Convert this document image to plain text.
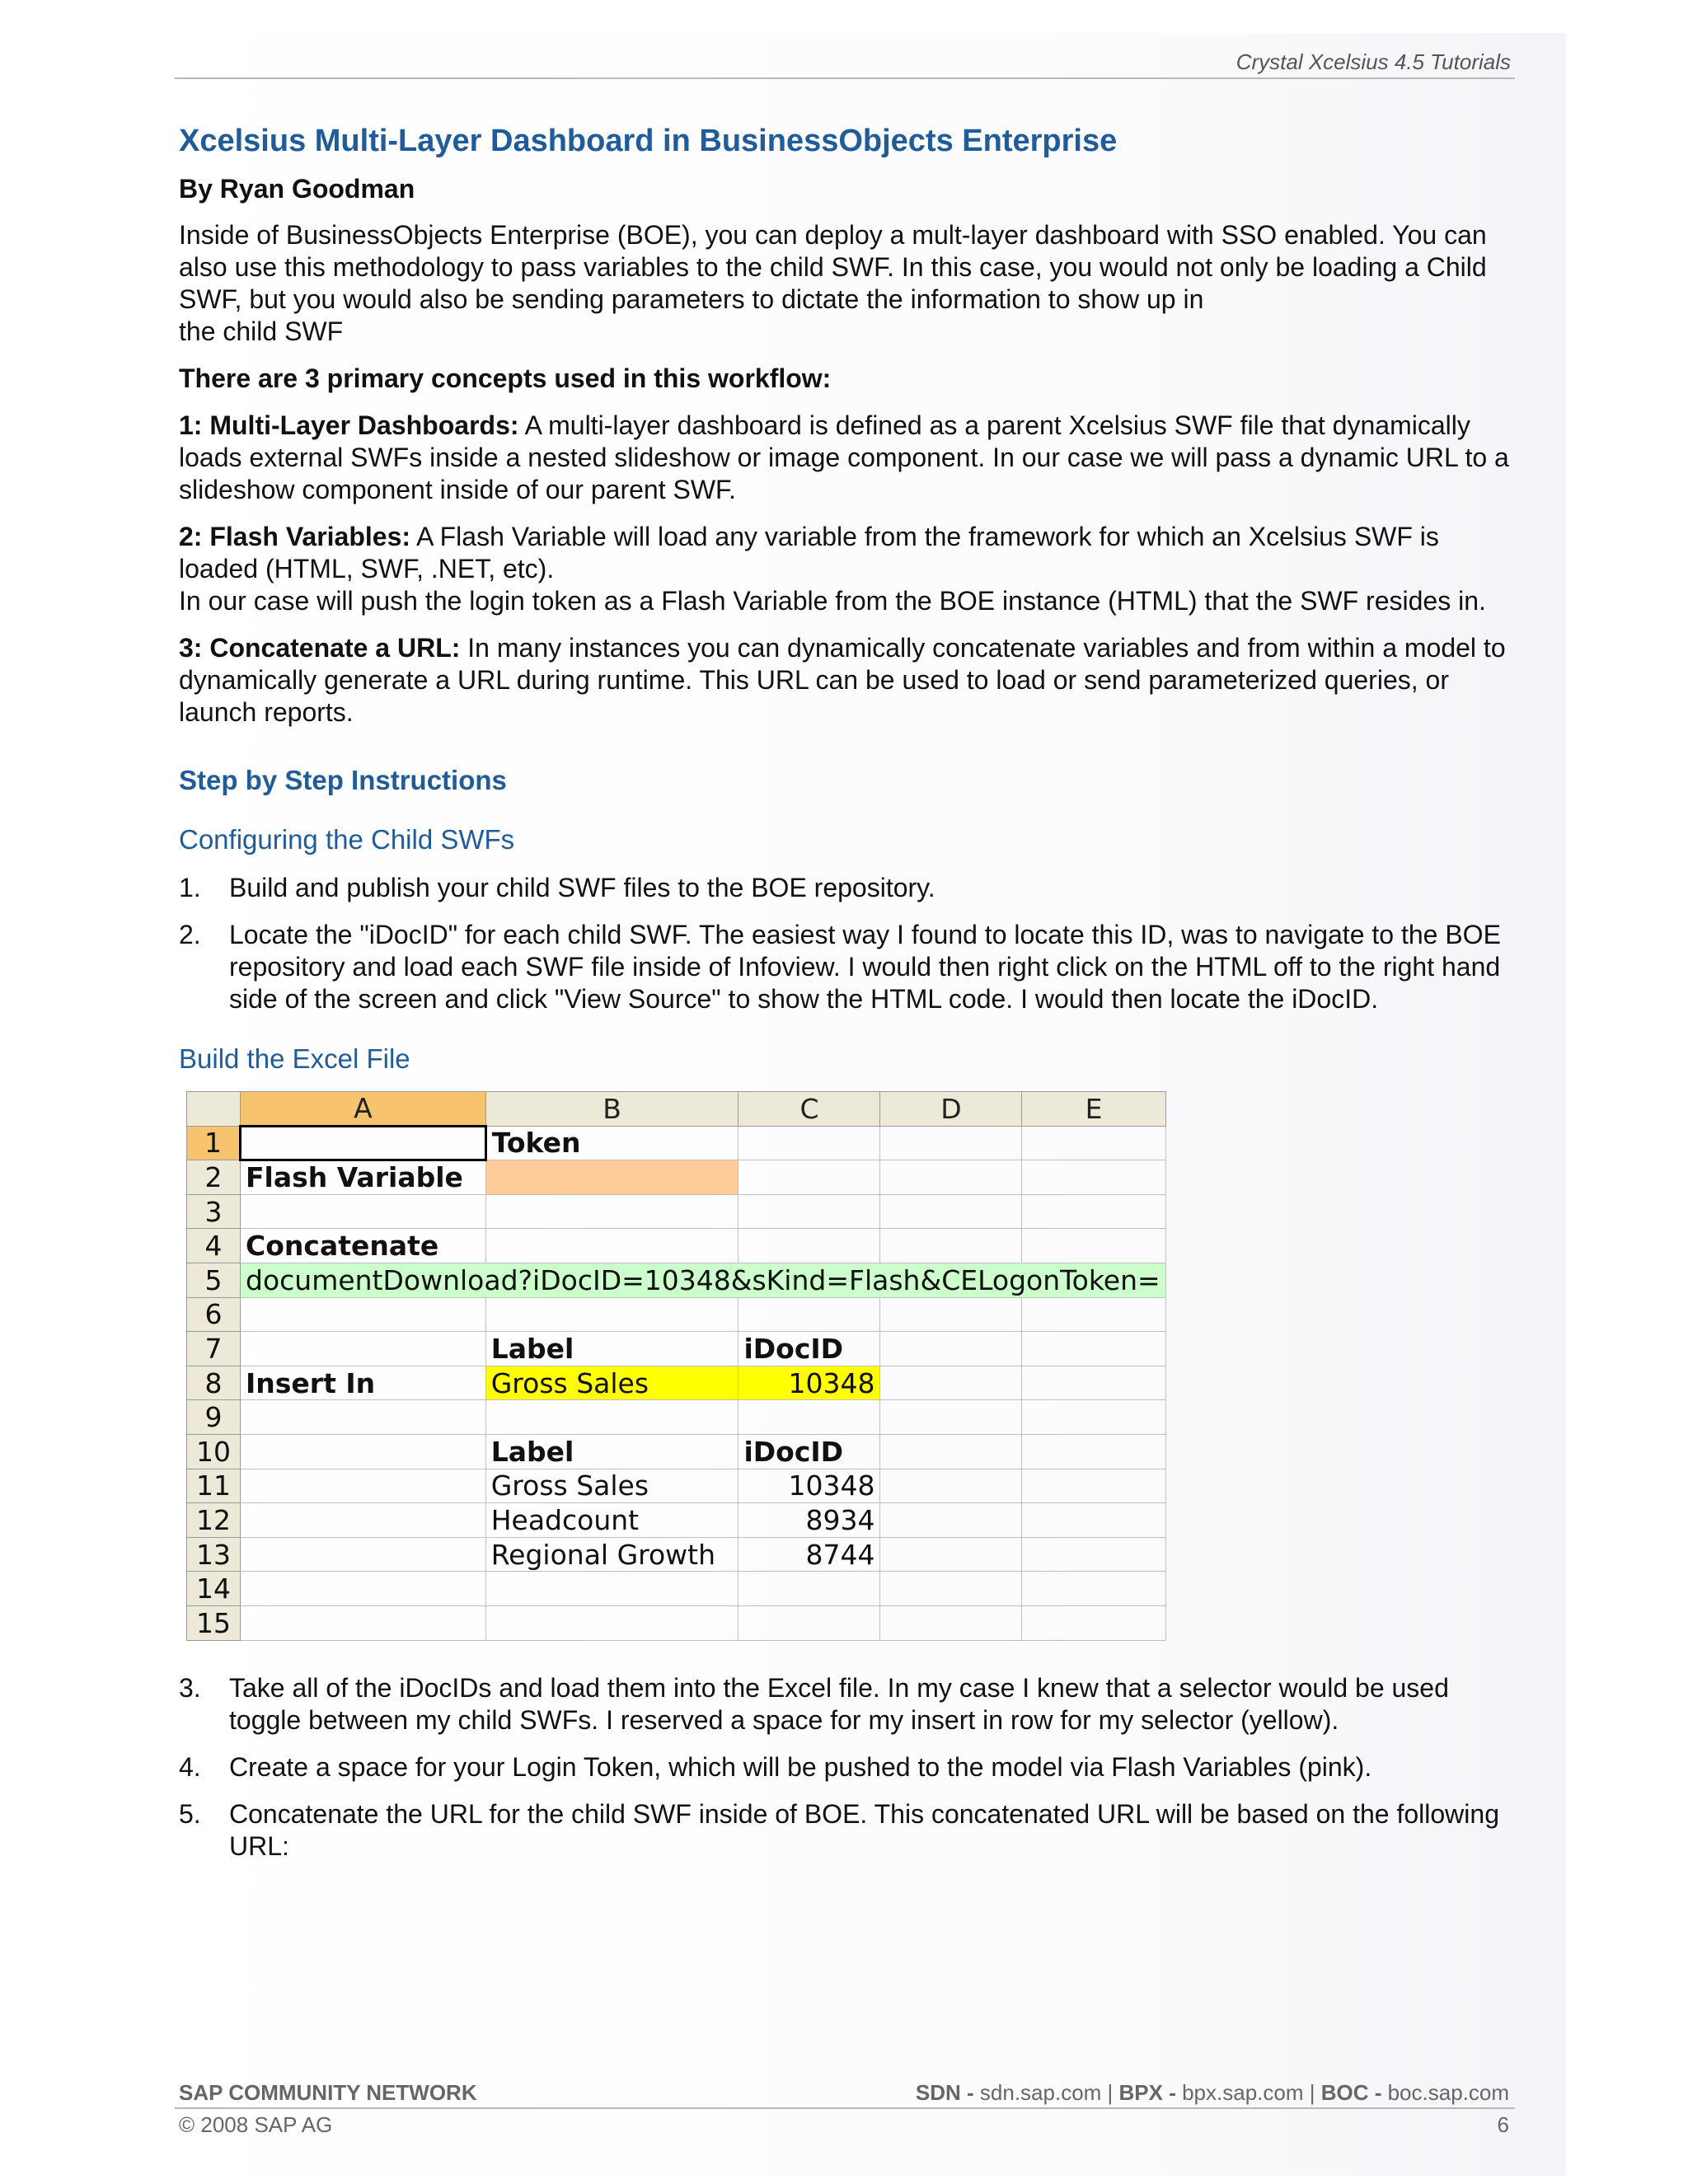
Crystal Xcelsius 4.5 Tutorials
Xcelsius Multi-Layer Dashboard in BusinessObjects Enterprise
By Ryan Goodman

Inside of BusinessObjects Enterprise (BOE), you can deploy a mult-layer dashboard with SSO enabled. You can also use this methodology to pass variables to the child SWF. In this case, you would not only be loading a Child SWF, but you would also be sending parameters to dictate the information to show up in
the child SWF

There are 3 primary concepts used in this workflow:

1: Multi-Layer Dashboards: A multi-layer dashboard is defined as a parent Xcelsius SWF file that dynamically loads external SWFs inside a nested slideshow or image component. In our case we will pass a dynamic URL to a slideshow component inside of our parent SWF.

2: Flash Variables: A Flash Variable will load any variable from the framework for which an Xcelsius SWF is loaded (HTML, SWF, .NET, etc).
In our case will push the login token as a Flash Variable from the BOE instance (HTML) that the SWF resides in.

3: Concatenate a URL: In many instances you can dynamically concatenate variables and from within a model to dynamically generate a URL during runtime. This URL can be used to load or send parameterized queries, or launch reports.

Step by Step Instructions
Configuring the Child SWFs
1. Build and publish your child SWF files to the BOE repository.
2. Locate the "iDocID" for each child SWF. The easiest way I found to locate this ID, was to navigate to the BOE repository and load each SWF file inside of Infoview. I would then right click on the HTML off to the right hand side of the screen and click "View Source" to show the HTML code. I would then locate the iDocID.
Build the Excel File
	A	B	C	D	E
1		Token			
2	Flash Variable				
3					
4	Concatenate				
5	documentDownload?iDocID=10348&sKind=Flash&CELogonToken=				
6					
7		Label	iDocID		
8	Insert In	Gross Sales	10348		
9					
10		Label	iDocID		
11		Gross Sales	10348		
12		Headcount	8934		
13		Regional Growth	8744		
14					
15					
3. Take all of the iDocIDs and load them into the Excel file. In my case I knew that a selector would be used toggle between my child SWFs. I reserved a space for my insert in row for my selector (yellow).
4. Create a space for your Login Token, which will be pushed to the model via Flash Variables (pink).
5. Concatenate the URL for the child SWF inside of BOE. This concatenated URL will be based on the following URL:
SAP COMMUNITY NETWORK	SDN - sdn.sap.com | BPX - bpx.sap.com | BOC - boc.sap.com
© 2008 SAP AG	6
